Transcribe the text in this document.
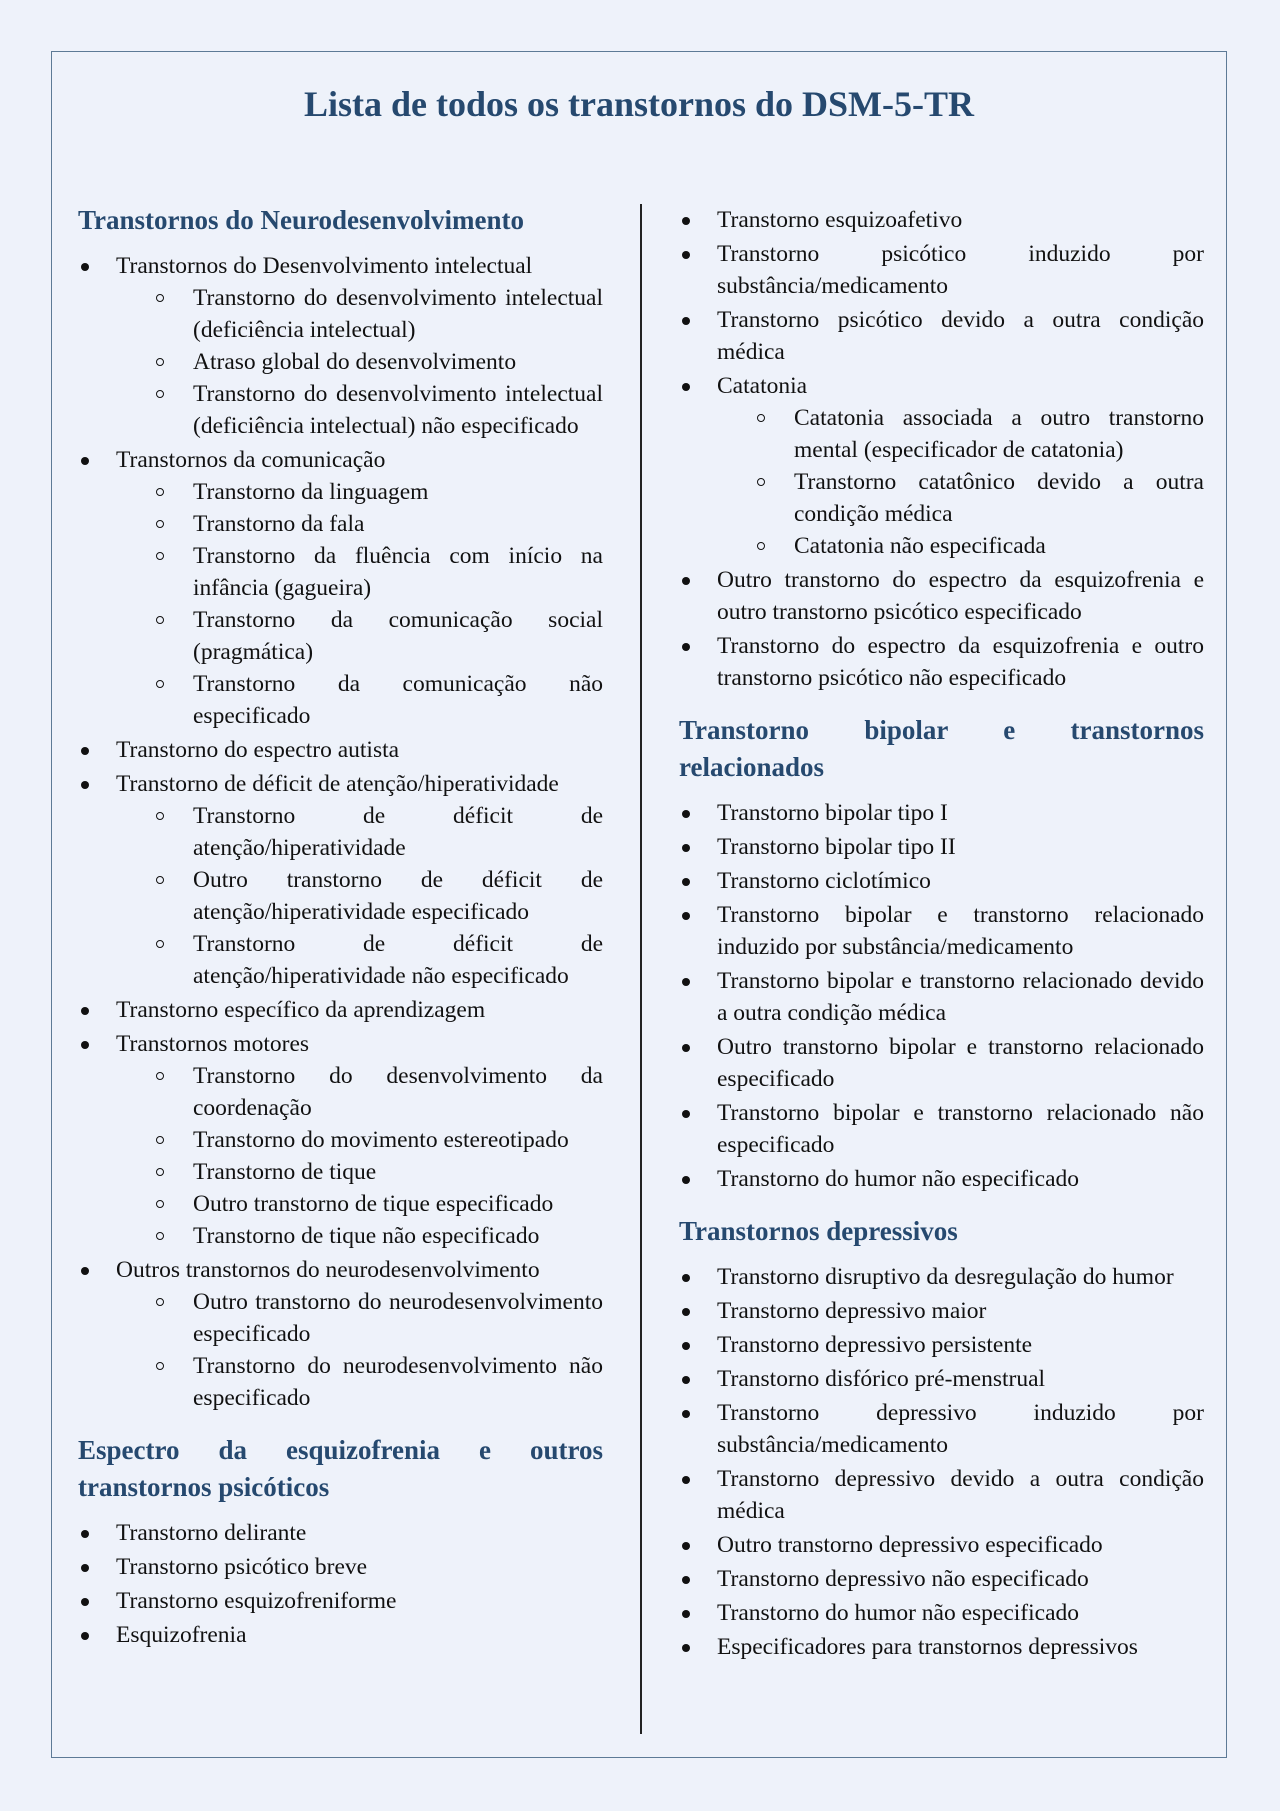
Lista de todos os transtornos do DSM-5-TR
Transtornos do Neurodesenvolvimento
Transtornos do Desenvolvimento intelectual
Transtorno do desenvolvimento intelectual (deficiência intelectual)
Atraso global do desenvolvimento
Transtorno do desenvolvimento intelectual (deficiência intelectual) não especificado
Transtornos da comunicação
Transtorno da linguagem
Transtorno da fala
Transtorno da fluência com início na infância (gagueira)
Transtorno da comunicação social (pragmática)
Transtorno da comunicação não especificado
Transtorno do espectro autista
Transtorno de déficit de atenção/hiperatividade
Transtorno de déficit de atenção/hiperatividade
Outro transtorno de déficit de atenção/hiperatividade especificado
Transtorno de déficit de atenção/hiperatividade não especificado
Transtorno específico da aprendizagem
Transtornos motores
Transtorno do desenvolvimento da coordenação
Transtorno do movimento estereotipado
Transtorno de tique
Outro transtorno de tique especificado
Transtorno de tique não especificado
Outros transtornos do neurodesenvolvimento
Outro transtorno do neurodesenvolvimento especificado
Transtorno do neurodesenvolvimento não especificado
Espectro da esquizofrenia e outros transtornos psicóticos
Transtorno delirante
Transtorno psicótico breve
Transtorno esquizofreniforme
Esquizofrenia
Transtorno esquizoafetivo
Transtorno psicótico induzido por substância/medicamento
Transtorno psicótico devido a outra condição médica
Catatonia
Catatonia associada a outro transtorno mental (especificador de catatonia)
Transtorno catatônico devido a outra condição médica
Catatonia não especificada
Outro transtorno do espectro da esquizofrenia e outro transtorno psicótico especificado
Transtorno do espectro da esquizofrenia e outro transtorno psicótico não especificado
Transtorno bipolar e transtornos relacionados
Transtorno bipolar tipo I
Transtorno bipolar tipo II
Transtorno ciclotímico
Transtorno bipolar e transtorno relacionado induzido por substância/medicamento
Transtorno bipolar e transtorno relacionado devido a outra condição médica
Outro transtorno bipolar e transtorno relacionado especificado
Transtorno bipolar e transtorno relacionado não especificado
Transtorno do humor não especificado
Transtornos depressivos
Transtorno disruptivo da desregulação do humor
Transtorno depressivo maior
Transtorno depressivo persistente
Transtorno disfórico pré-menstrual
Transtorno depressivo induzido por substância/medicamento
Transtorno depressivo devido a outra condição médica
Outro transtorno depressivo especificado
Transtorno depressivo não especificado
Transtorno do humor não especificado
Especificadores para transtornos depressivos
